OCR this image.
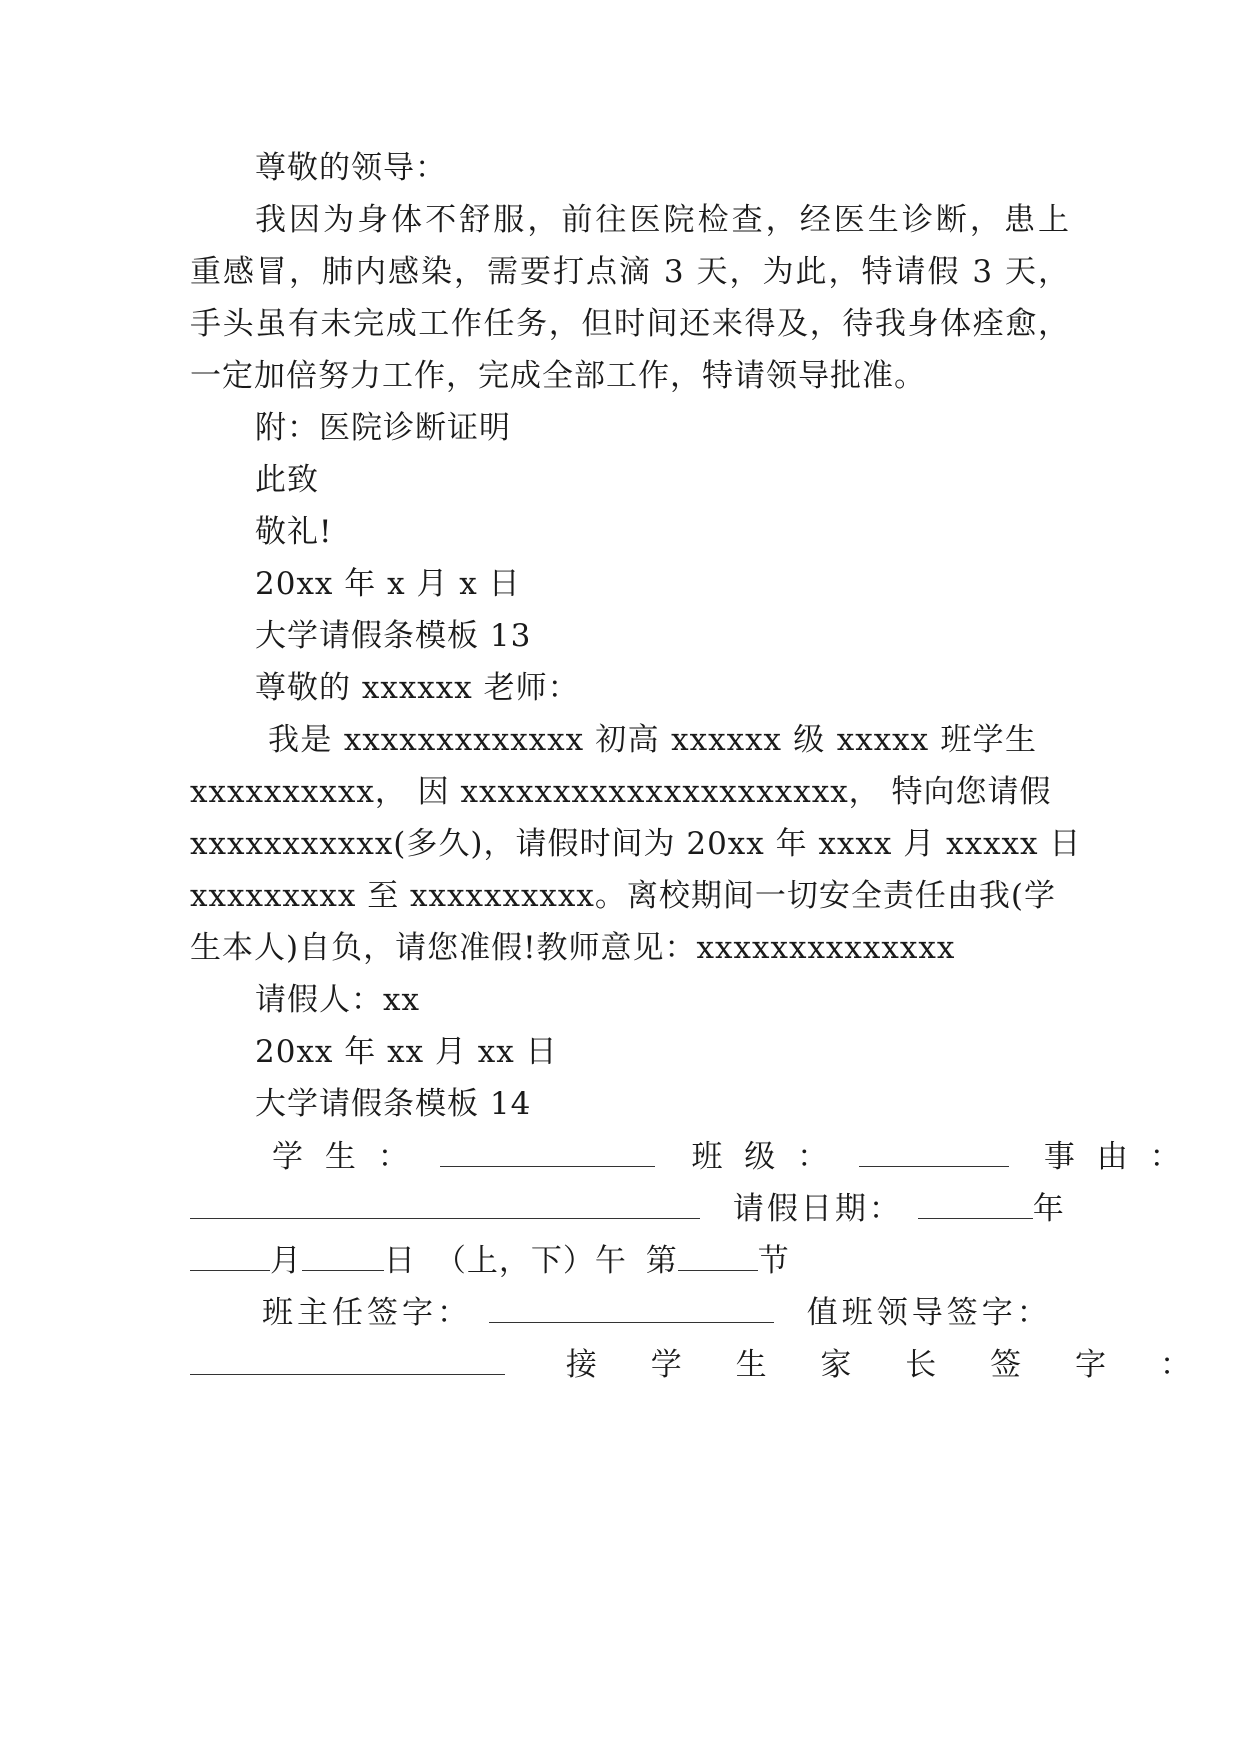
尊敬的领导：
我因为身体不舒服，前往医院检查，经医生诊断，患上
重感冒，肺内感染，需要打点滴 3 天，为此，特请假 3 天，
手头虽有未完成工作任务，但时间还来得及，待我身体痊愈，
一定加倍努力工作，完成全部工作，特请领导批准。
附：医院诊断证明
此致
敬礼!
20xx 年 x 月 x 日
大学请假条模板 13
尊敬的 xxxxxx 老师：
我是 xxxxxxxxxxxxx 初高 xxxxxx 级 xxxxx 班学生
xxxxxxxxxx， 因 xxxxxxxxxxxxxxxxxxxxx， 特向您请假
xxxxxxxxxxx(多久)，请假时间为 20xx 年 xxxx 月 xxxxx 日
xxxxxxxxx 至 xxxxxxxxxx。离校期间一切安全责任由我(学
生本人)自负，请您准假!教师意见：xxxxxxxxxxxxxx
请假人：xx
20xx 年 xx 月 xx 日
大学请假条模板 14
学 生 ：	班 级 ：	事 由 ：
请假日期：	年
月	日 （上，下）午 第	节
班主任签字：	值班领导签字：
接 学 生 家 长 签 字 ：
